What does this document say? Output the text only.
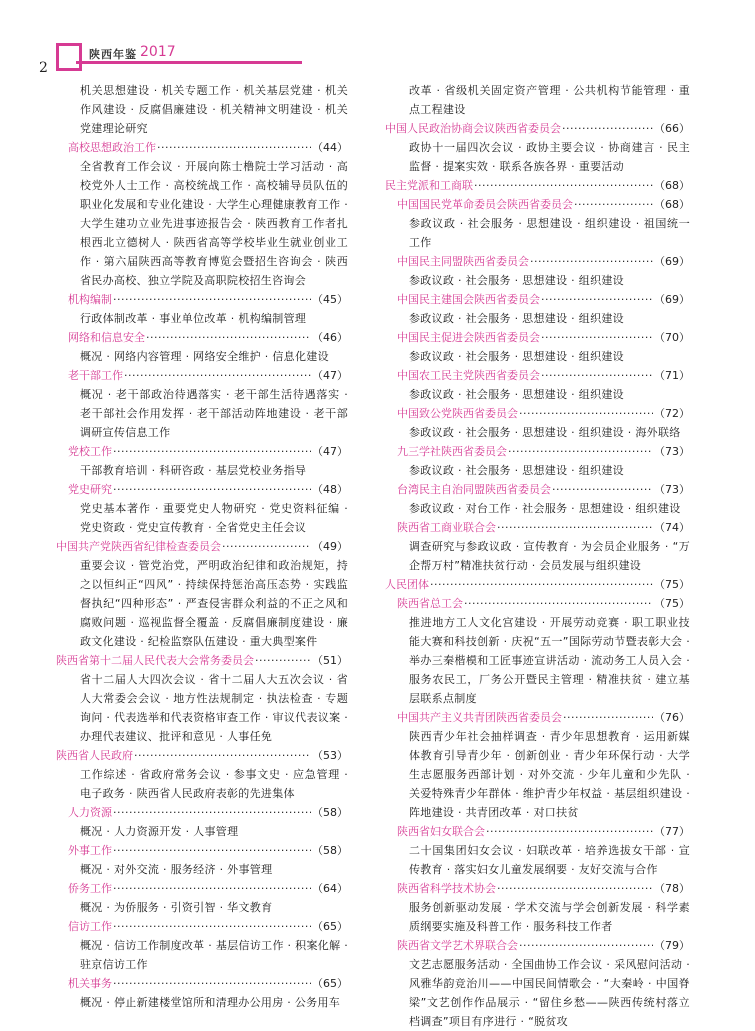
2
陕西年鉴 2017
机关思想建设 · 机关专题工作 · 机关基层党建 · 机关作风建设 · 反腐倡廉建设 · 机关精神文明建设 · 机关党建理论研究
高校思想政治工作 ·····	（44）
全省教育工作会议 · 开展向陈士橹院士学习活动 · 高校党外人士工作 · 高校统战工作 · 高校辅导员队伍的职业化发展和专业化建设 · 大学生心理健康教育工作 · 大学生建功立业先进事迹报告会 · 陕西教育工作者扎根西北立德树人 · 陕西省高等学校毕业生就业创业工作 · 第六届陕西高等教育博览会暨招生咨询会 · 陕西省民办高校、独立学院及高职院校招生咨询会
机构编制 ·····	（45）
行政体制改革 · 事业单位改革 · 机构编制管理
网络和信息安全 ·····	（46）
概况 · 网络内容管理 · 网络安全维护 · 信息化建设
老干部工作 ·····	（47）
概况 · 老干部政治待遇落实 · 老干部生活待遇落实 · 老干部社会作用发挥 · 老干部活动阵地建设 · 老干部调研宣传信息工作
党校工作 ·····	（47）
干部教育培训 · 科研咨政 · 基层党校业务指导
党史研究 ·····	（48）
党史基本著作 · 重要党史人物研究 · 党史资料征编 · 党史资政 · 党史宣传教育 · 全省党史主任会议
中国共产党陕西省纪律检查委员会 ·····	（49）
重要会议 · 管党治党，严明政治纪律和政治规矩，持之以恒纠正“四风” · 持续保持惩治高压态势 · 实践监督执纪“四种形态” · 严查侵害群众利益的不正之风和腐败问题 · 巡视监督全覆盖 · 反腐倡廉制度建设 · 廉政文化建设 · 纪检监察队伍建设 · 重大典型案件
陕西省第十二届人民代表大会常务委员会 ·····	（51）
省十二届人大四次会议 · 省十二届人大五次会议 · 省人大常委会会议 · 地方性法规制定 · 执法检查 · 专题询问 · 代表选举和代表资格审查工作 · 审议代表议案 · 办理代表建议、批评和意见 · 人事任免
陕西省人民政府 ·····	（53）
工作综述 · 省政府常务会议 · 参事文史 · 应急管理 · 电子政务 · 陕西省人民政府表彰的先进集体
人力资源 ·····	（58）
概况 · 人力资源开发 · 人事管理
外事工作 ·····	（58）
概况 · 对外交流 · 服务经济 · 外事管理
侨务工作 ·····	（64）
概况 · 为侨服务 · 引资引智 · 华文教育
信访工作 ·····	（65）
概况 · 信访工作制度改革 · 基层信访工作 · 积案化解 · 驻京信访工作
机关事务 ·····	（65）
概况 · 停止新建楼堂馆所和清理办公用房 · 公务用车
改革 · 省级机关固定资产管理 · 公共机构节能管理 · 重点工程建设
中国人民政治协商会议陕西省委员会 ·····	（66）
政协十一届四次会议 · 政协主要会议 · 协商建言 · 民主监督 · 提案实效 · 联系各族各界 · 重要活动
民主党派和工商联 ·····	（68）
中国国民党革命委员会陕西省委员会 ·····	（68）
参政议政 · 社会服务 · 思想建设 · 组织建设 · 祖国统一工作
中国民主同盟陕西省委员会 ·····	（69）
参政议政 · 社会服务 · 思想建设 · 组织建设
中国民主建国会陕西省委员会 ·····	（69）
参政议政 · 社会服务 · 思想建设 · 组织建设
中国民主促进会陕西省委员会 ·····	（70）
参政议政 · 社会服务 · 思想建设 · 组织建设
中国农工民主党陕西省委员会 ·····	（71）
参政议政 · 社会服务 · 思想建设 · 组织建设
中国致公党陕西省委员会 ·····	（72）
参政议政 · 社会服务 · 思想建设 · 组织建设 · 海外联络
九三学社陕西省委员会 ·····	（73）
参政议政 · 社会服务 · 思想建设 · 组织建设
台湾民主自治同盟陕西省委员会 ·····	（73）
参政议政 · 对台工作 · 社会服务 · 思想建设 · 组织建设
陕西省工商业联合会 ·····	（74）
调查研究与参政议政 · 宣传教育 · 为会员企业服务 · “万企帮万村”精准扶贫行动 · 会员发展与组织建设
人民团体 ·····	（75）
陕西省总工会 ·····	（75）
推进地方工人文化宫建设 · 开展劳动竞赛 · 职工职业技能大赛和科技创新 · 庆祝“五一”国际劳动节暨表彰大会 · 举办三秦楷模和工匠事迹宣讲活动 · 流动务工人员入会 · 服务农民工，厂务公开暨民主管理 · 精准扶贫 · 建立基层联系点制度
中国共产主义共青团陕西省委员会 ·····	（76）
陕西青少年社会抽样调查 · 青少年思想教育 · 运用新媒体教育引导青少年 · 创新创业 · 青少年环保行动 · 大学生志愿服务西部计划 · 对外交流 · 少年儿童和少先队 · 关爱特殊青少年群体 · 维护青少年权益 · 基层组织建设 · 阵地建设 · 共青团改革 · 对口扶贫
陕西省妇女联合会 ·····	（77）
二十国集团妇女会议 · 妇联改革 · 培养选拔女干部 · 宣传教育 · 落实妇女儿童发展纲要 · 友好交流与合作
陕西省科学技术协会 ·····	（78）
服务创新驱动发展 · 学术交流与学会创新发展 · 科学素质纲要实施及科普工作 · 服务科技工作者
陕西省文学艺术界联合会 ·····	（79）
文艺志愿服务活动 · 全国曲协工作会议 · 采风慰问活动 · 风雅华韵竞治川——中国民间情歌会 · “大秦岭 · 中国脊梁”文艺创作作品展示 · “留住乡愁——陕西传统村落立档调查”项目有序进行 · “脱贫攻
